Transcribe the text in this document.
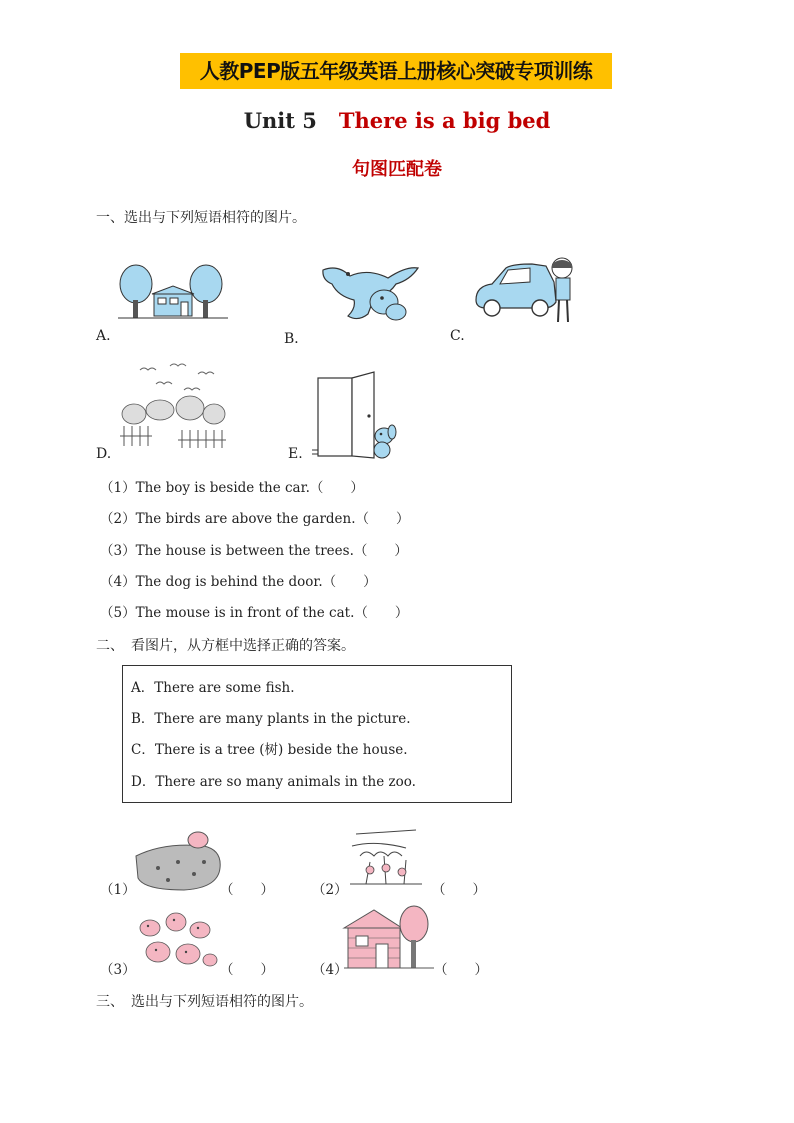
人教PEP版五年级英语上册核心突破专项训练
Unit 5 There is a big bed
句图匹配卷
一、选出与下列短语相符的图片。
A.	B．	C.
D.	E.
（1）The boy is beside the car.（　　）
（2）The birds are above the garden.（　　）
（3）The house is between the trees.（　　）
（4）The dog is behind the door.（　　）
（5）The mouse is in front of the cat.（　　）
二、　看图片，从方框中选择正确的答案。
A．There are some fish.
B．There are many plants in the picture.
C．There is a tree (树) beside the house.
D．There are so many animals in the zoo.
（1）	（　　）	（2）	（　　）
（3）	（　　）	（4）	（　　）
三、　选出与下列短语相符的图片。
